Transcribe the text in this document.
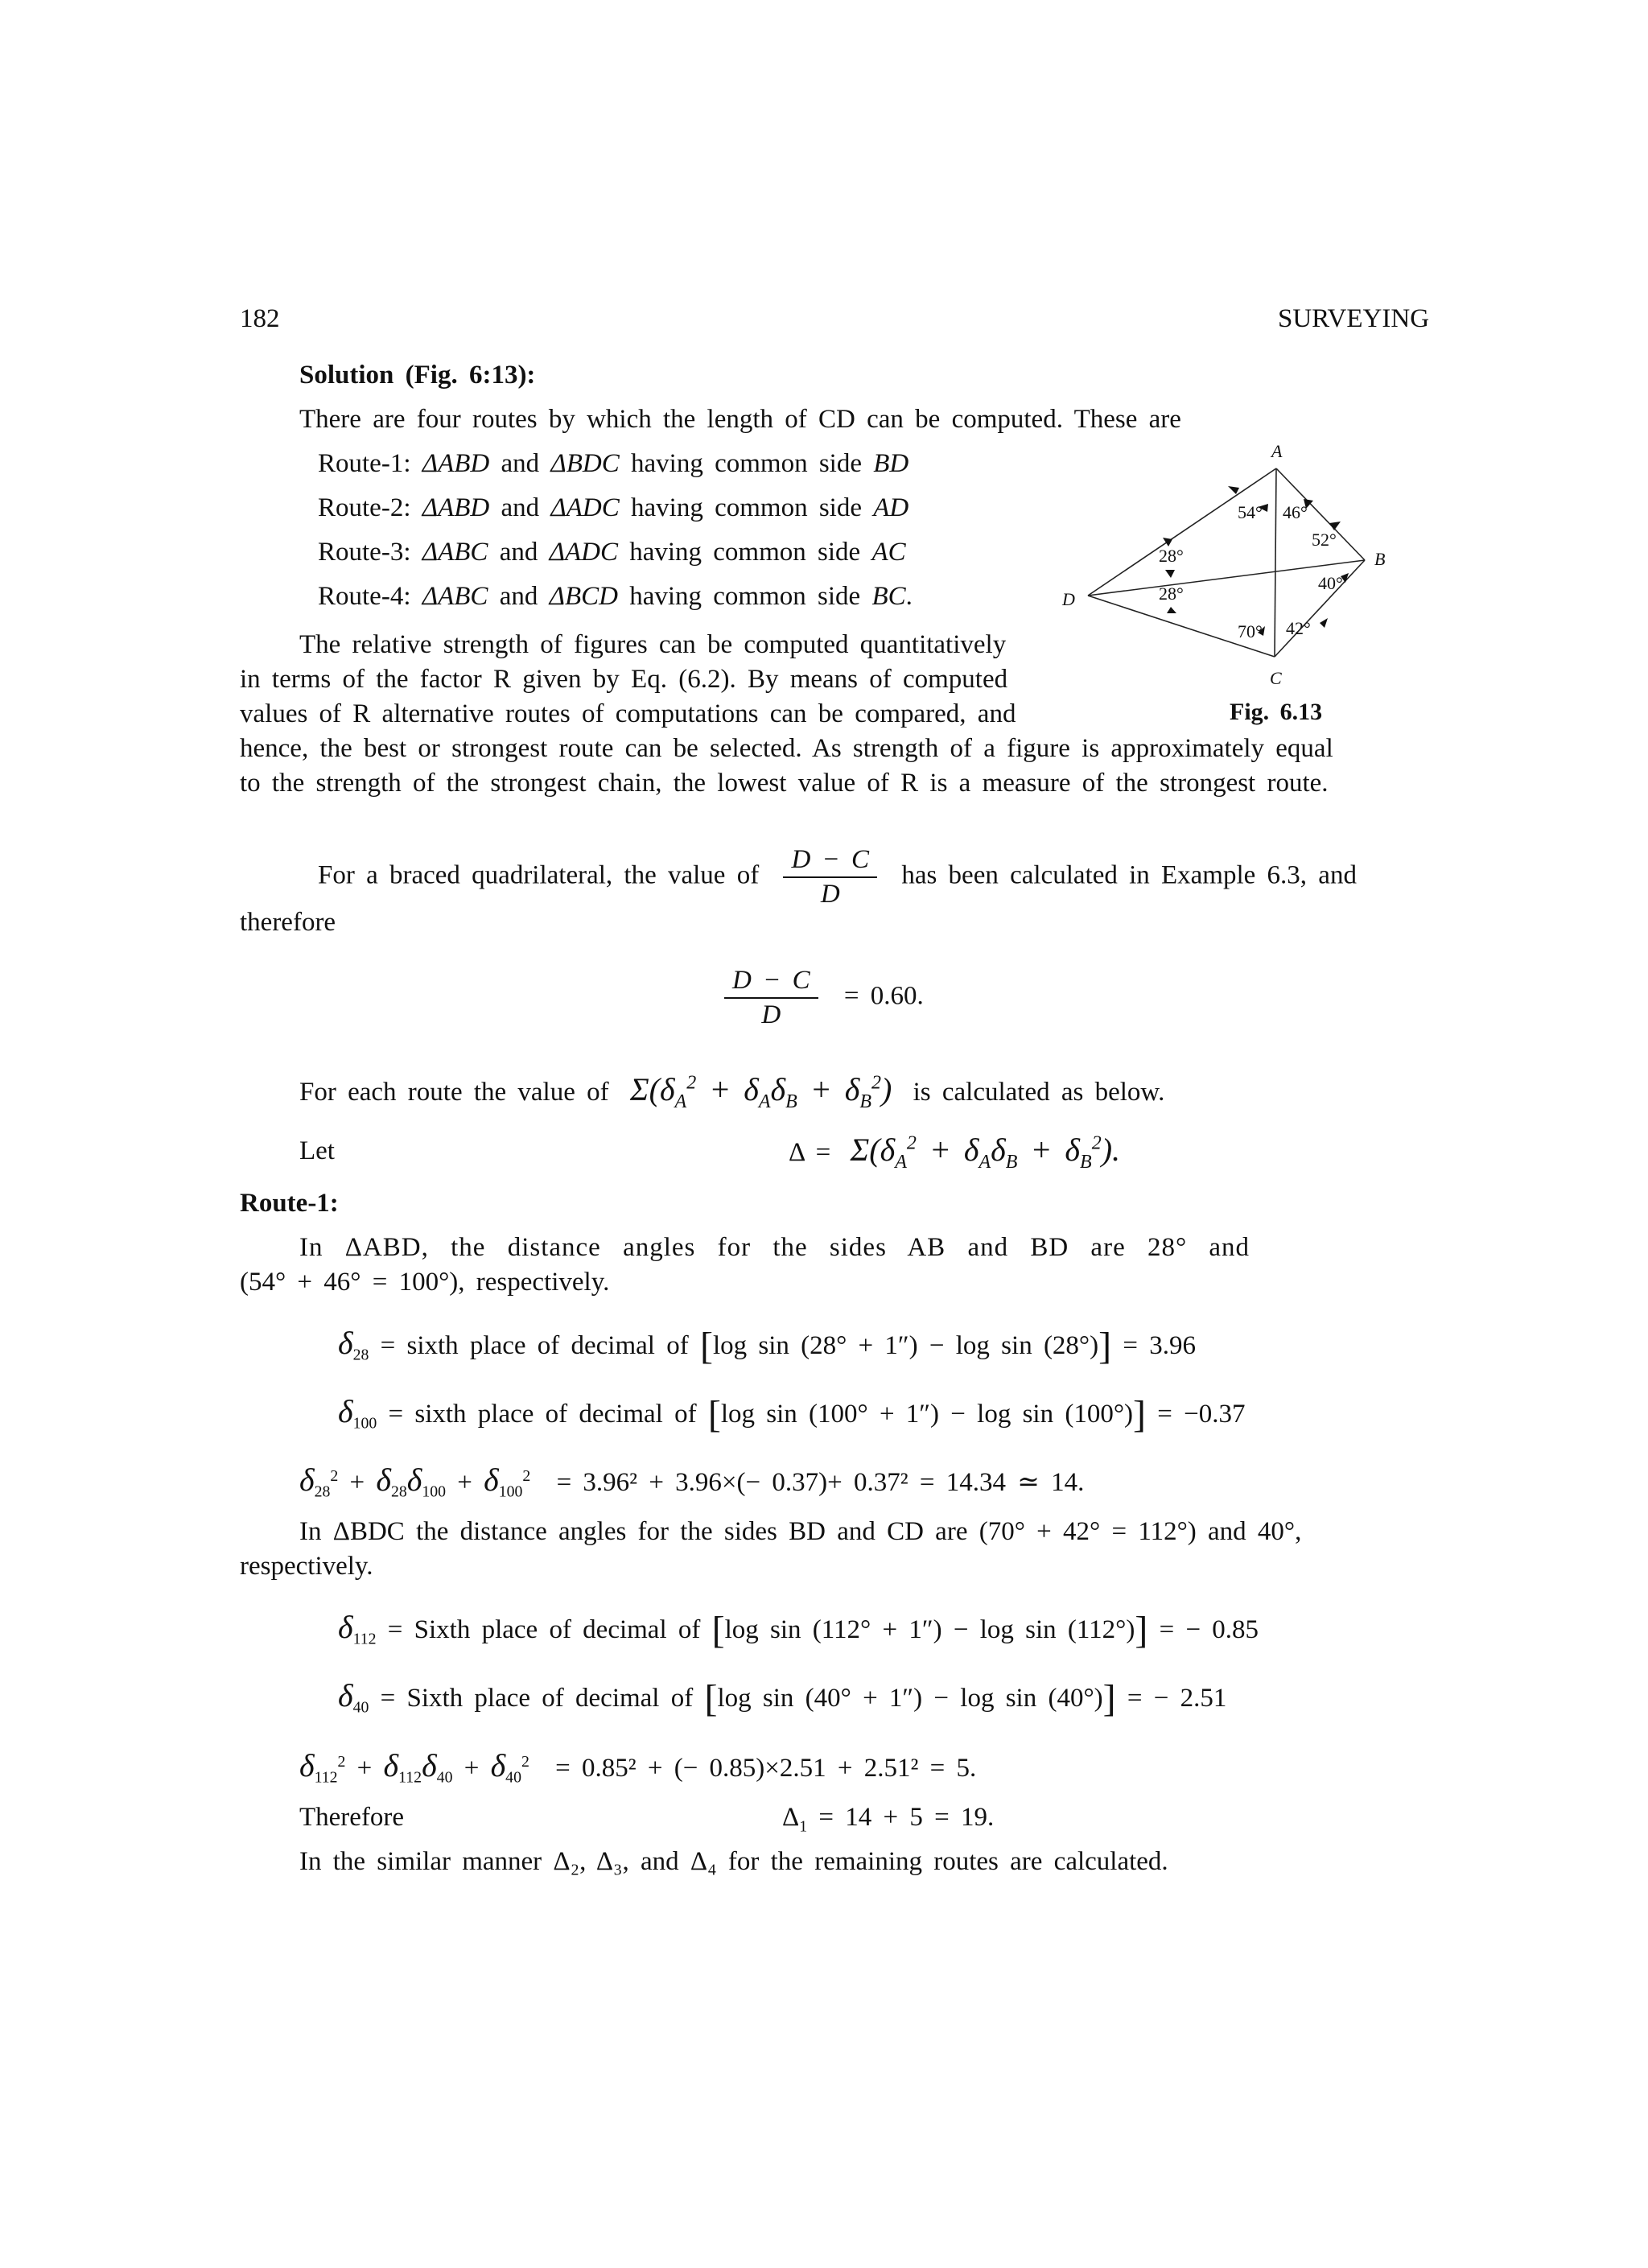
182	SURVEYING
Solution (Fig. 6:13):
There are four routes by which the length of CD can be computed. These are
Route-1: ΔABD and ΔBDC having common side BD
Route-2: ΔABD and ΔADC having common side AD
Route-3: ΔABC and ΔADC having common side AC
Route-4: ΔABC and ΔBCD having common side BC.
A
B
C
D
54° 46°
52°
40°
42°
70°
28°
28°
Fig. 6.13
The relative strength of figures can be computed quantitatively
in terms of the factor R given by Eq. (6.2). By means of computed
values of R alternative routes of computations can be compared, and
hence, the best or strongest route can be selected. As strength of a figure is approximately equal
to the strength of the strongest chain, the lowest value of R is a measure of the strongest route.
For a braced quadrilateral, the value of $\frac{D - C}{D}$ has been calculated in Example 6.3, and
therefore
$\frac{D - C}{D} = 0.60$.
For each route the value of $\Sigma(\delta_A^2 + \delta_A\delta_B + \delta_B^2)$ is calculated as below.
Let	$\Delta = \Sigma(\delta_A^2 + \delta_A\delta_B + \delta_B^2)$.
Route-1:
In ΔABD, the distance angles for the sides AB and BD are 28° and
(54° + 46° = 100°), respectively.
$\delta_{28}$ = sixth place of decimal of [log sin (28° + 1″) − log sin (28°)] = 3.96
$\delta_{100}$ = sixth place of decimal of [log sin (100° + 1″) − log sin (100°)] = −0.37
$\delta_{28}^2 + \delta_{28}\delta_{100} + \delta_{100}^2 = 3.96^2 + 3.96\times(- 0.37)+ 0.37^2 = 14.34$ ≃ 14.
In ΔBDC the distance angles for the sides BD and CD are (70° + 42° = 112°) and 40°,
respectively.
$\delta_{112}$ = Sixth place of decimal of [log sin (112° + 1″) − log sin (112°)] = − 0.85
$\delta_{40}$ = Sixth place of decimal of [log sin (40° + 1″) − log sin (40°)] = − 2.51
$\delta_{112}^2 + \delta_{112}\delta_{40} + \delta_{40}^2 = 0.85^2$ + (− 0.85)×2.51 + 2.51² = 5.
Therefore	$\Delta_1 = 14 + 5 = 19$.
In the similar manner Δ₂, Δ₃, and Δ₄ for the remaining routes are calculated.
